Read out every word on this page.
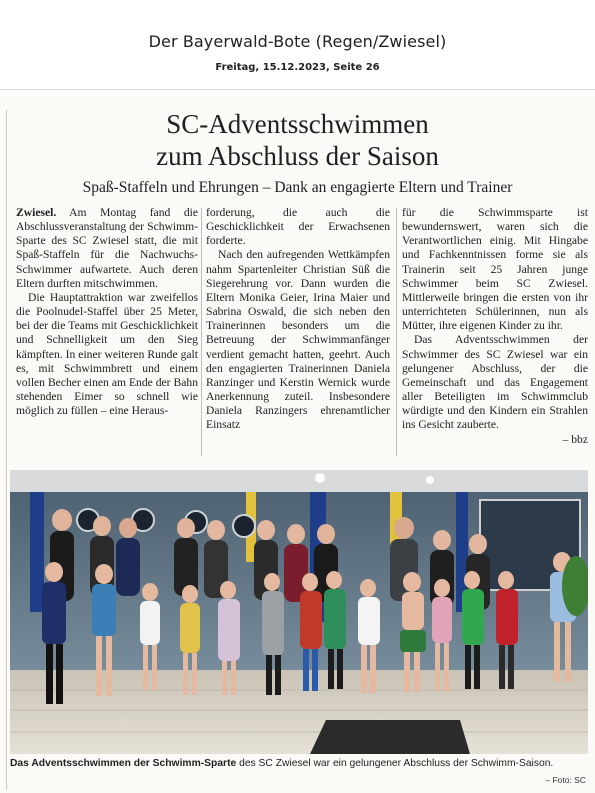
Der Bayerwald-Bote (Regen/Zwiesel)
Freitag, 15.12.2023, Seite 26
SC-Adventsschwimmen
zum Abschluss der Saison
Spaß-Staffeln und Ehrungen – Dank an engagierte Eltern und Trainer

Zwiesel. Am Montag fand die Abschlussveranstaltung der Schwimm-Sparte des SC Zwiesel statt, die mit Spaß-Staffeln für die Nachwuchs-Schwimmer aufwartete. Auch deren Eltern durften mitschwimmen.

Die Hauptattraktion war zweifellos die Poolnudel-Staffel über 25 Meter, bei der die Teams mit Geschicklichkeit und Schnelligkeit um den Sieg kämpften. In einer weiteren Runde galt es, mit Schwimmbrett und einem vollen Becher einen am Ende der Bahn stehenden Eimer so schnell wie möglich zu füllen – eine Heraus-

forderung, die auch die Geschicklichkeit der Erwachsenen forderte.

Nach den aufregenden Wettkämpfen nahm Spartenleiter Christian Süß die Siegerehrung vor. Dann wurden die Eltern Monika Geier, Irina Maier und Sabrina Oswald, die sich neben den Trainerinnen besonders um die Betreuung der Schwimmanfänger verdient gemacht hatten, geehrt. Auch den engagierten Trainerinnen Daniela Ranzinger und Kerstin Wernick wurde Anerkennung zuteil. Insbesondere Daniela Ranzingers ehrenamtlicher Einsatz

für die Schwimmsparte ist bewundernswert, waren sich die Verantwortlichen einig. Mit Hingabe und Fachkenntnissen forme sie als Trainerin seit 25 Jahren junge Schwimmer beim SC Zwiesel. Mittlerweile bringen die ersten von ihr unterrichteten Schülerinnen, nun als Mütter, ihre eigenen Kinder zu ihr.

Das Adventsschwimmen der Schwimmer des SC Zwiesel war ein gelungener Abschluss, der die Gemeinschaft und das Engagement aller Beteiligten im Schwimmclub würdigte und den Kindern ein Strahlen ins Gesicht zauberte.

– bbz
Das Adventsschwimmen der Schwimm-Sparte des SC Zwiesel war ein gelungener Abschluss der Schwimm-Saison.
– Foto: SC
